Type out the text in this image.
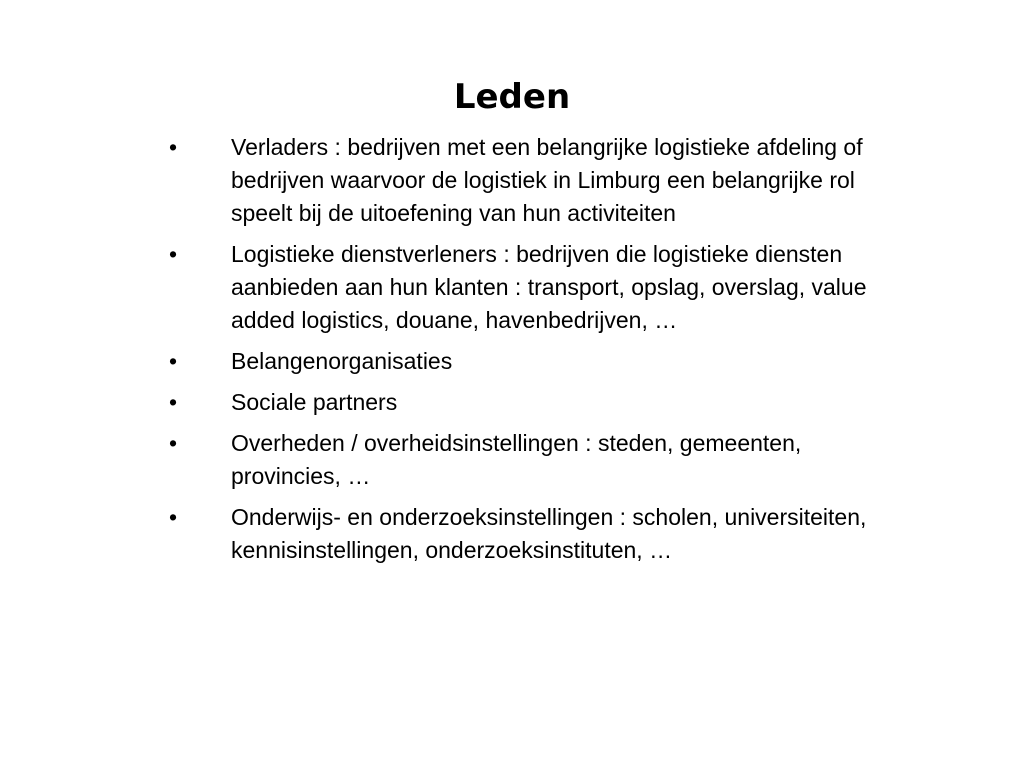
Leden
•	Verladers : bedrijven met een belangrijke logistieke afdeling of bedrijven waarvoor de logistiek in Limburg een belangrijke rol speelt bij de uitoefening van hun activiteiten
•	Logistieke dienstverleners : bedrijven die logistieke diensten aanbieden aan hun klanten : transport, opslag, overslag, value added logistics, douane, havenbedrijven, …
•	Belangenorganisaties
•	Sociale partners
•	Overheden / overheidsinstellingen : steden, gemeenten, provincies, …
•	Onderwijs- en onderzoeksinstellingen : scholen, universiteiten, kennisinstellingen, onderzoeksinstituten, …
